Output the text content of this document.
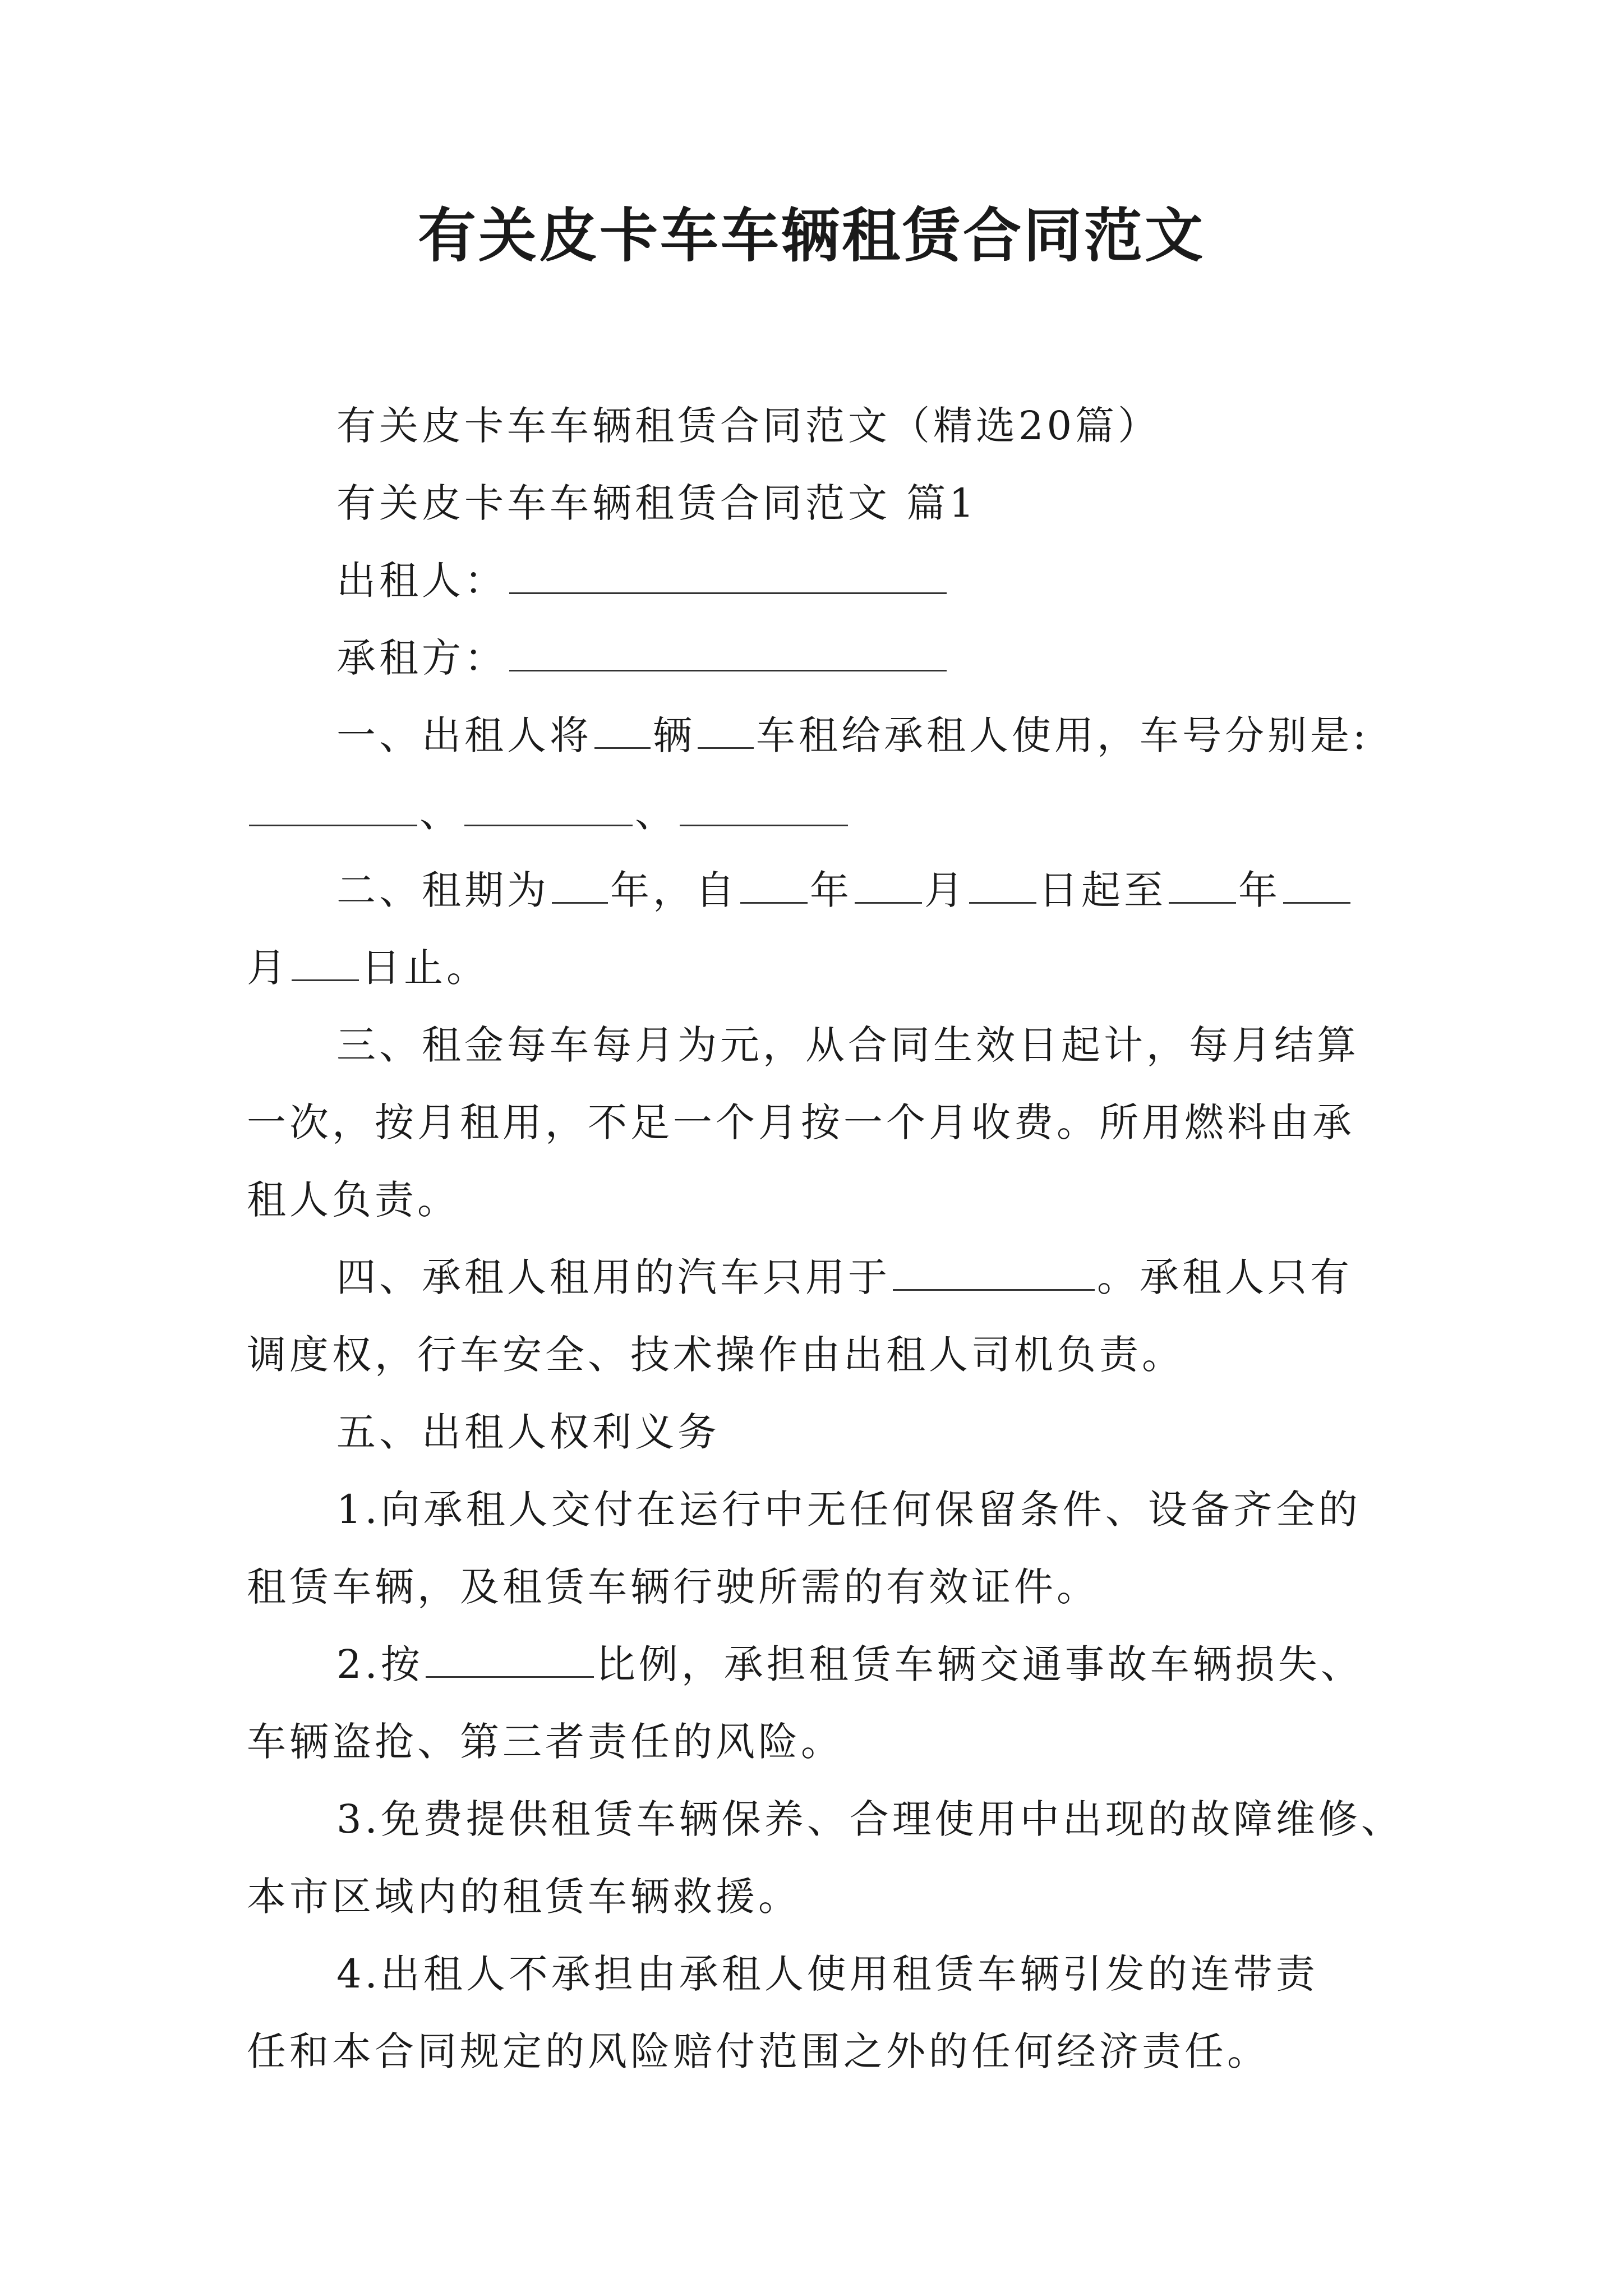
有关皮卡车车辆租赁合同范文
有关皮卡车车辆租赁合同范文（精选20篇）
有关皮卡车车辆租赁合同范文 篇1
出租人：
承租方：
一、出租人将 辆 车租给承租人使用，车号分别是:
、	、
二、租期为 年，自 年 月 日起至 年
月 日止。
三、租金每车每月为元，从合同生效日起计，每月结算
一次，按月租用，不足一个月按一个月收费。所用燃料由承
租人负责。
四、承租人租用的汽车只用于	。承租人只有
调度权，行车安全、技术操作由出租人司机负责。
五、出租人权利义务
1.向承租人交付在运行中无任何保留条件、设备齐全的
租赁车辆，及租赁车辆行驶所需的有效证件。
2.按	比例，承担租赁车辆交通事故车辆损失、
车辆盗抢、第三者责任的风险。
3.免费提供租赁车辆保养、合理使用中出现的故障维修、
本市区域内的租赁车辆救援。
4.出租人不承担由承租人使用租赁车辆引发的连带责
任和本合同规定的风险赔付范围之外的任何经济责任。
